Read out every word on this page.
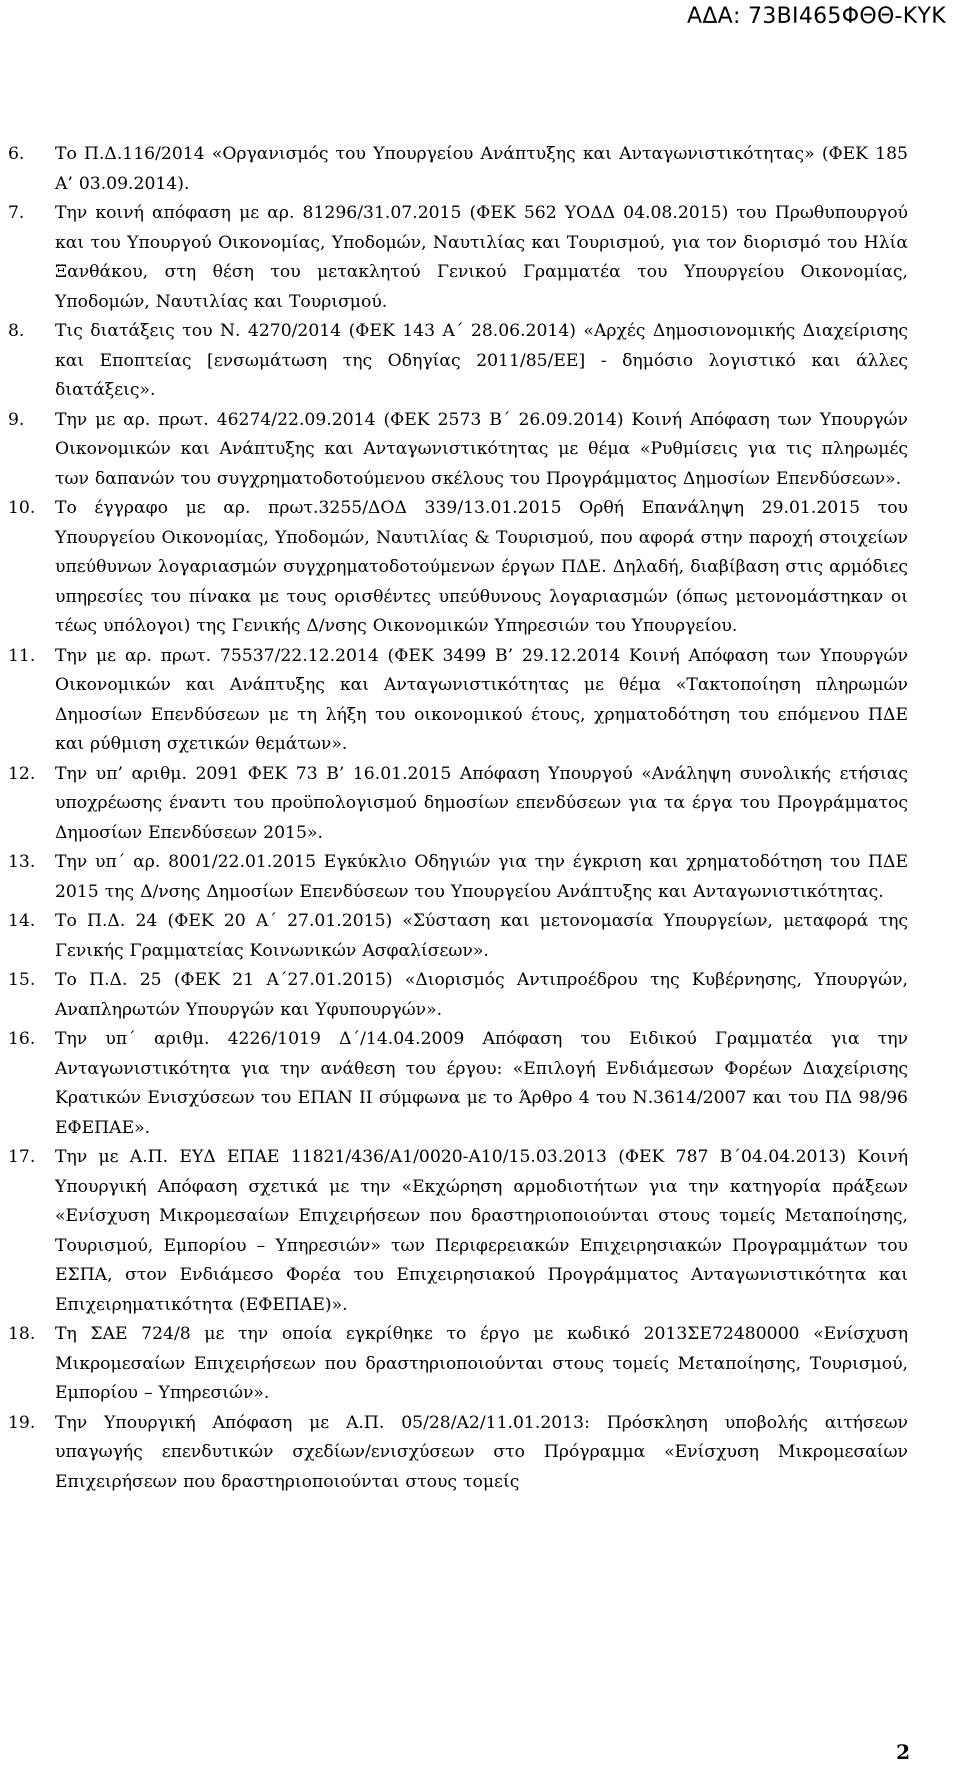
ΑΔΑ: 73ΒΙ465ΦΘΘ-ΚΥΚ
6. Το Π.Δ.116/2014 «Οργανισμός του Υπουργείου Ανάπτυξης και Ανταγωνιστικότητας» (ΦΕΚ 185 Α’ 03.09.2014).
7. Την κοινή απόφαση με αρ. 81296/31.07.2015 (ΦΕΚ 562 ΥΟΔΔ 04.08.2015) του Πρωθυπουργού και του Υπουργού Οικονομίας, Υποδομών, Ναυτιλίας και Τουρισμού, για τον διορισμό του Ηλία Ξανθάκου, στη θέση του μετακλητού Γενικού Γραμματέα του Υπουργείου Οικονομίας, Υποδομών, Ναυτιλίας και Τουρισμού.
8. Τις διατάξεις του Ν. 4270/2014 (ΦΕΚ 143 Α΄ 28.06.2014) «Αρχές Δημοσιονομικής Διαχείρισης και Εποπτείας [ενσωμάτωση της Οδηγίας 2011/85/ΕΕ] - δημόσιο λογιστικό και άλλες διατάξεις».
9. Την με αρ. πρωτ. 46274/22.09.2014 (ΦΕΚ 2573 Β΄ 26.09.2014) Κοινή Απόφαση των Υπουργών Οικονομικών και Ανάπτυξης και Ανταγωνιστικότητας με θέμα «Ρυθμίσεις για τις πληρωμές των δαπανών του συγχρηματοδοτούμενου σκέλους του Προγράμματος Δημοσίων Επενδύσεων».
10. Το έγγραφο με αρ. πρωτ.3255/ΔΟΔ 339/13.01.2015 Ορθή Επανάληψη 29.01.2015 του Υπουργείου Οικονομίας, Υποδομών, Ναυτιλίας & Τουρισμού, που αφορά στην παροχή στοιχείων υπεύθυνων λογαριασμών συγχρηματοδοτούμενων έργων ΠΔΕ. Δηλαδή, διαβίβαση στις αρμόδιες υπηρεσίες του πίνακα με τους ορισθέντες υπεύθυνους λογαριασμών (όπως μετονομάστηκαν οι τέως υπόλογοι) της Γενικής Δ/νσης Οικονομικών Υπηρεσιών του Υπουργείου.
11. Την με αρ. πρωτ. 75537/22.12.2014 (ΦΕΚ 3499 Β’ 29.12.2014 Κοινή Απόφαση των Υπουργών Οικονομικών και Ανάπτυξης και Ανταγωνιστικότητας με θέμα «Τακτοποίηση πληρωμών Δημοσίων Επενδύσεων με τη λήξη του οικονομικού έτους, χρηματοδότηση του επόμενου ΠΔΕ και ρύθμιση σχετικών θεμάτων».
12. Την υπ’ αριθμ. 2091 ΦΕΚ 73 Β’ 16.01.2015 Απόφαση Υπουργού «Ανάληψη συνολικής ετήσιας υποχρέωσης έναντι του προϋπολογισμού δημοσίων επενδύσεων για τα έργα του Προγράμματος Δημοσίων Επενδύσεων 2015».
13. Την υπ΄ αρ. 8001/22.01.2015 Εγκύκλιο Οδηγιών για την έγκριση και χρηματοδότηση του ΠΔΕ 2015 της Δ/νσης Δημοσίων Επενδύσεων του Υπουργείου Ανάπτυξης και Ανταγωνιστικότητας.
14. Το Π.Δ. 24 (ΦΕΚ 20 Α΄ 27.01.2015) «Σύσταση και μετονομασία Υπουργείων, μεταφορά της Γενικής Γραμματείας Κοινωνικών Ασφαλίσεων».
15. Το Π.Δ. 25 (ΦΕΚ 21 Α΄27.01.2015) «Διορισμός Αντιπροέδρου της Κυβέρνησης, Υπουργών, Αναπληρωτών Υπουργών και Υφυπουργών».
16. Την υπ΄ αριθμ. 4226/1019 Δ΄/14.04.2009 Απόφαση του Ειδικού Γραμματέα για την Ανταγωνιστικότητα για την ανάθεση του έργου: «Επιλογή Ενδιάμεσων Φορέων Διαχείρισης Κρατικών Ενισχύσεων του ΕΠΑΝ ΙΙ σύμφωνα με το Άρθρο 4 του Ν.3614/2007 και του ΠΔ 98/96 ΕΦΕΠΑΕ».
17. Την με Α.Π. ΕΥΔ ΕΠΑΕ 11821/436/Α1/0020-Α10/15.03.2013 (ΦΕΚ 787 Β΄04.04.2013) Κοινή Υπουργική Απόφαση σχετικά με την «Εκχώρηση αρμοδιοτήτων για την κατηγορία πράξεων «Ενίσχυση Μικρομεσαίων Επιχειρήσεων που δραστηριοποιούνται στους τομείς Μεταποίησης, Τουρισμού, Εμπορίου – Υπηρεσιών» των Περιφερειακών Επιχειρησιακών Προγραμμάτων του ΕΣΠΑ, στον Ενδιάμεσο Φορέα του Επιχειρησιακού Προγράμματος Ανταγωνιστικότητα και Επιχειρηματικότητα (ΕΦΕΠΑΕ)».
18. Τη ΣΑΕ 724/8 με την οποία εγκρίθηκε το έργο με κωδικό 2013ΣΕ72480000 «Ενίσχυση Μικρομεσαίων Επιχειρήσεων που δραστηριοποιούνται στους τομείς Μεταποίησης, Τουρισμού, Εμπορίου – Υπηρεσιών».
19. Την Υπουργική Απόφαση με Α.Π. 05/28/Α2/11.01.2013: Πρόσκληση υποβολής αιτήσεων υπαγωγής επενδυτικών σχεδίων/ενισχύσεων στο Πρόγραμμα «Ενίσχυση Μικρομεσαίων Επιχειρήσεων που δραστηριοποιούνται στους τομείς
2
